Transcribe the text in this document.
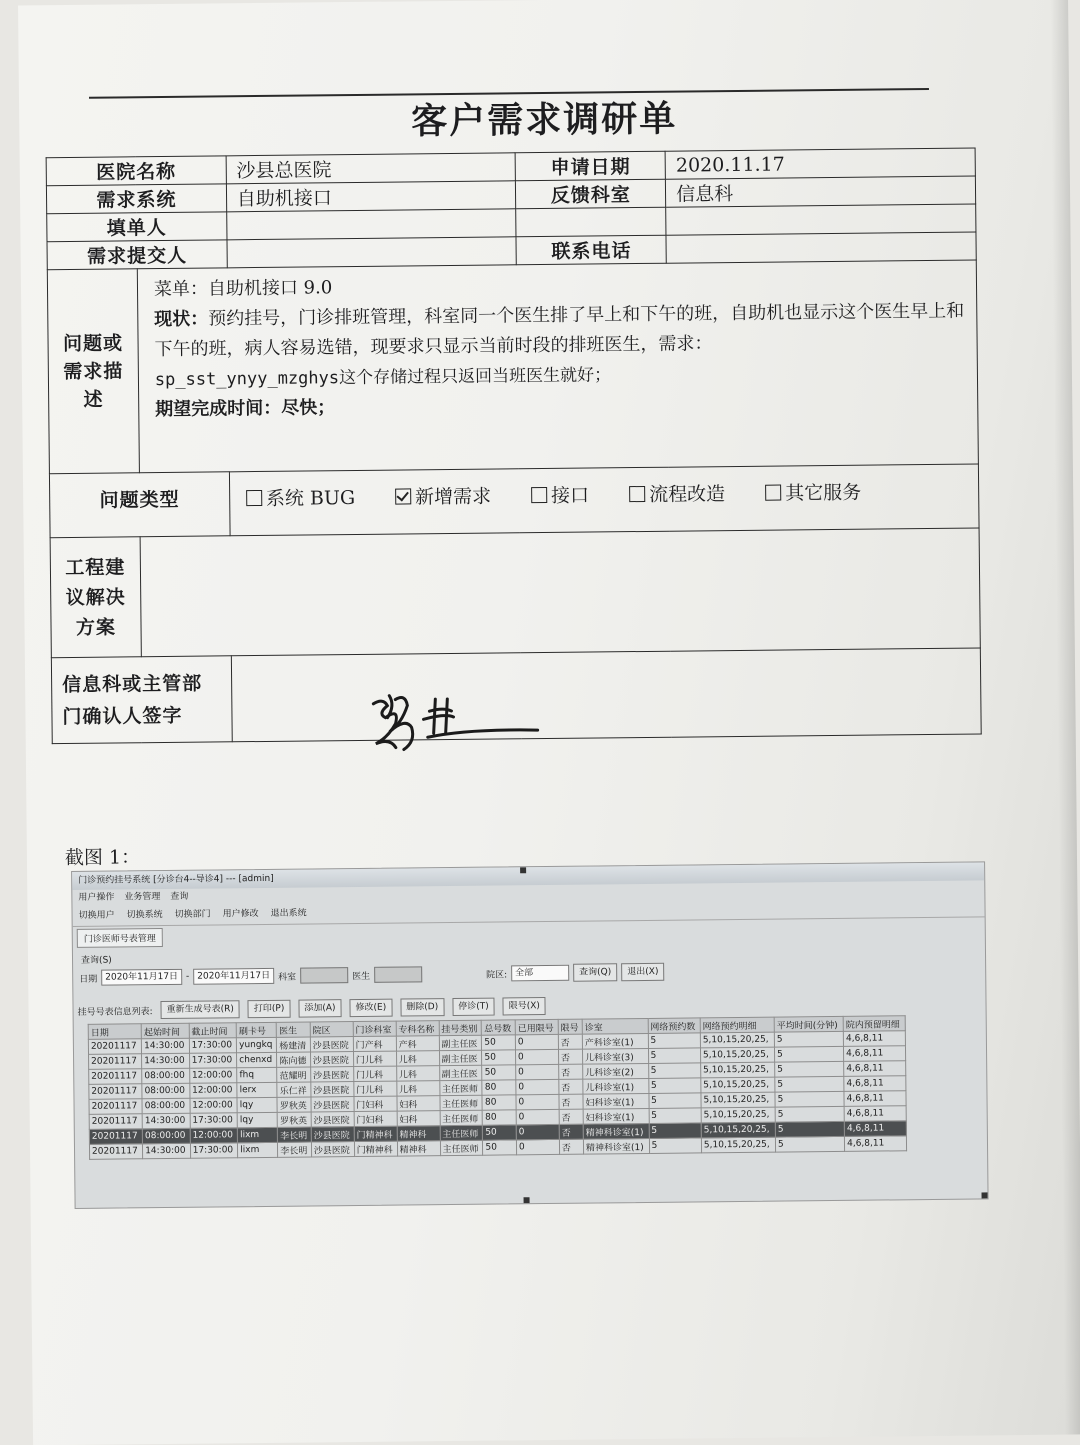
客户需求调研单
医院名称		沙县总医院	申请日期	2020.11.17
需求系统		自助机接口	反馈科室	信息科
填单人				
需求提交人			联系电话	
问题或需求描述	菜单：自助机接口 9.0

现状：预约挂号，门诊排班管理，科室同一个医生排了早上和下午的班，自助机也显示这个医生早上和下午的班，病人容易选错，现要求只显示当前时段的排班医生，需求：

sp_sst_ynyy_mzghys这个存储过程只返回当班医生就好；

期望完成时间：尽快；			

问题类型		系统 BUG 新增需求 接口 流程改造 其它服务		

工程建议解决方案				
信息科或主管部门确认人签字				
截图 1：
门诊预约挂号系统 [分诊台4--导诊4] --- [admin]
用户操作 业务管理 查询
切换用户 切换系统 切换部门 用户修改 退出系统
门诊医师号表管理
查询(S)
日期 2020年11月17日 - 2020年11月17日 科室	医生	院区: 全部	查询(Q)	退出(X)
挂号号表信息列表:	重新生成号表(R)	打印(P)	添加(A)	修改(E)	删除(D)	停诊(T)	限号(X)
日期	起始时间	截止时间	刷卡号	医生	院区	门诊科室	专科名称	挂号类别	总号数	已用限号	限号	诊室	网络预约数	网络预约明细	平均时间(分钟)	院内预留明细
20201117	14:30:00	17:30:00	yungkq	杨建清	沙县医院	门产科	产科	副主任医	50	0	否	产科诊室(1)	5	5,10,15,20,25,	5	4,6,8,11
20201117	14:30:00	17:30:00	chenxd	陈向德	沙县医院	门儿科	儿科	副主任医	50	0	否	儿科诊室(3)	5	5,10,15,20,25,	5	4,6,8,11
20201117	08:00:00	12:00:00	fhq	范耀明	沙县医院	门儿科	儿科	副主任医	50	0	否	儿科诊室(2)	5	5,10,15,20,25,	5	4,6,8,11
20201117	08:00:00	12:00:00	lerx	乐仁祥	沙县医院	门儿科	儿科	主任医师	80	0	否	儿科诊室(1)	5	5,10,15,20,25,	5	4,6,8,11
20201117	08:00:00	12:00:00	lqy	罗秋英	沙县医院	门妇科	妇科	主任医师	80	0	否	妇科诊室(1)	5	5,10,15,20,25,	5	4,6,8,11
20201117	14:30:00	17:30:00	lqy	罗秋英	沙县医院	门妇科	妇科	主任医师	80	0	否	妇科诊室(1)	5	5,10,15,20,25,	5	4,6,8,11
20201117	08:00:00	12:00:00	lixm	李长明	沙县医院	门精神科	精神科	主任医师	50	0	否	精神科诊室(1)	5	5,10,15,20,25,	5	4,6,8,11
20201117	14:30:00	17:30:00	lixm	李长明	沙县医院	门精神科	精神科	主任医师	50	0	否	精神科诊室(1)	5	5,10,15,20,25,	5	4,6,8,11
